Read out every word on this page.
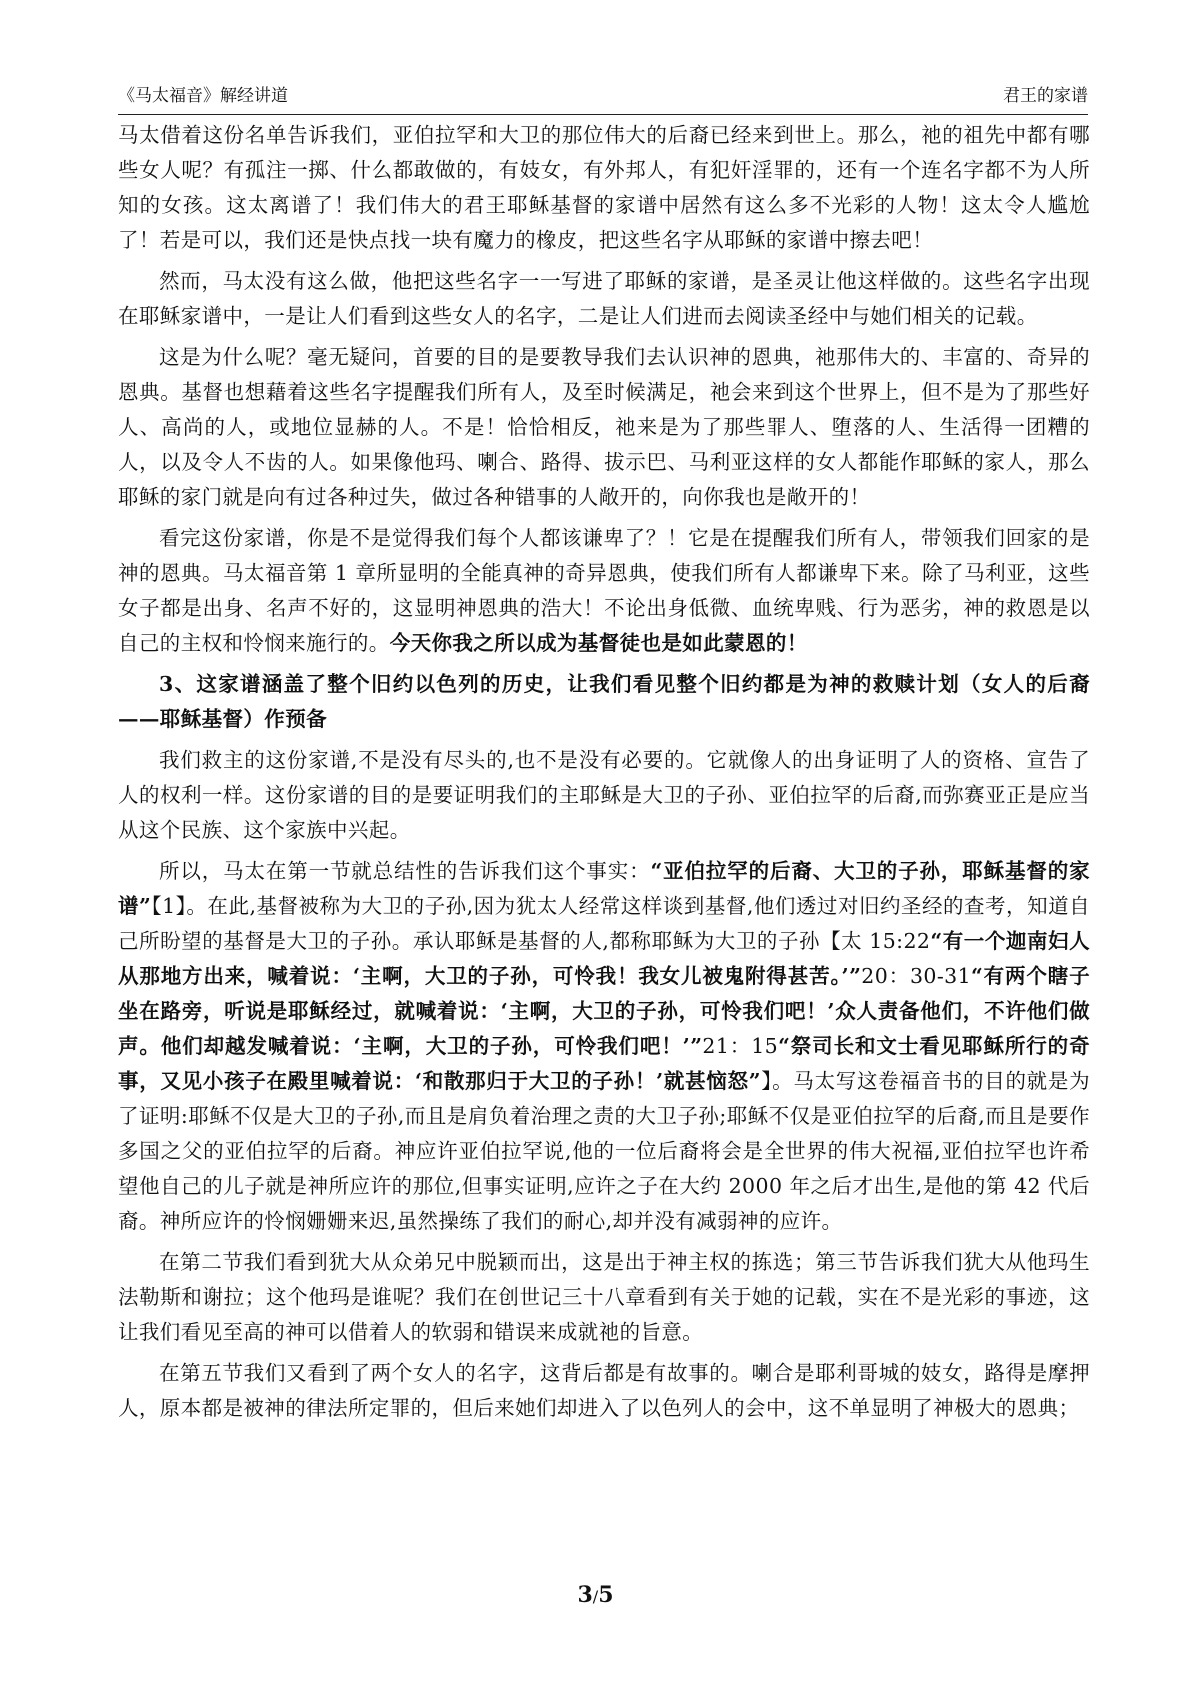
《马太福音》解经讲道	君王的家谱

马太借着这份名单告诉我们，亚伯拉罕和大卫的那位伟大的后裔已经来到世上。那么，祂的祖先中都有哪些女人呢？有孤注一掷、什么都敢做的，有妓女，有外邦人，有犯奸淫罪的，还有一个连名字都不为人所知的女孩。这太离谱了！我们伟大的君王耶稣基督的家谱中居然有这么多不光彩的人物！这太令人尴尬了！若是可以，我们还是快点找一块有魔力的橡皮，把这些名字从耶稣的家谱中擦去吧！

然而，马太没有这么做，他把这些名字一一写进了耶稣的家谱，是圣灵让他这样做的。这些名字出现在耶稣家谱中，一是让人们看到这些女人的名字，二是让人们进而去阅读圣经中与她们相关的记载。

这是为什么呢？毫无疑问，首要的目的是要教导我们去认识神的恩典，祂那伟大的、丰富的、奇异的恩典。基督也想藉着这些名字提醒我们所有人，及至时候满足，祂会来到这个世界上，但不是为了那些好人、高尚的人，或地位显赫的人。不是！恰恰相反，祂来是为了那些罪人、堕落的人、生活得一团糟的人，以及令人不齿的人。如果像他玛、喇合、路得、拔示巴、马利亚这样的女人都能作耶稣的家人，那么耶稣的家门就是向有过各种过失，做过各种错事的人敞开的，向你我也是敞开的！

看完这份家谱，你是不是觉得我们每个人都该谦卑了？！它是在提醒我们所有人，带领我们回家的是神的恩典。马太福音第 1 章所显明的全能真神的奇异恩典，使我们所有人都谦卑下来。除了马利亚，这些女子都是出身、名声不好的，这显明神恩典的浩大！不论出身低微、血统卑贱、行为恶劣，神的救恩是以自己的主权和怜悯来施行的。今天你我之所以成为基督徒也是如此蒙恩的！

3、这家谱涵盖了整个旧约以色列的历史，让我们看见整个旧约都是为神的救赎计划（女人的后裔——耶稣基督）作预备

我们救主的这份家谱,不是没有尽头的,也不是没有必要的。它就像人的出身证明了人的资格、宣告了人的权利一样。这份家谱的目的是要证明我们的主耶稣是大卫的子孙、亚伯拉罕的后裔,而弥赛亚正是应当从这个民族、这个家族中兴起。

所以，马太在第一节就总结性的告诉我们这个事实：“亚伯拉罕的后裔、大卫的子孙，耶稣基督的家谱”【1】。在此,基督被称为大卫的子孙,因为犹太人经常这样谈到基督,他们透过对旧约圣经的查考，知道自己所盼望的基督是大卫的子孙。承认耶稣是基督的人,都称耶稣为大卫的子孙【太 15:22“有一个迦南妇人从那地方出来，喊着说：‘主啊，大卫的子孙，可怜我！我女儿被鬼附得甚苦。’”20：30-31“有两个瞎子坐在路旁，听说是耶稣经过，就喊着说：‘主啊，大卫的子孙，可怜我们吧！’众人责备他们，不许他们做声。他们却越发喊着说：‘主啊，大卫的子孙，可怜我们吧！’”21：15“祭司长和文士看见耶稣所行的奇事，又见小孩子在殿里喊着说：‘和散那归于大卫的子孙！’就甚恼怒”】。马太写这卷福音书的目的就是为了证明:耶稣不仅是大卫的子孙,而且是肩负着治理之责的大卫子孙;耶稣不仅是亚伯拉罕的后裔,而且是要作多国之父的亚伯拉罕的后裔。神应许亚伯拉罕说,他的一位后裔将会是全世界的伟大祝福,亚伯拉罕也许希望他自己的儿子就是神所应许的那位,但事实证明,应许之子在大约 2000 年之后才出生,是他的第 42 代后裔。神所应许的怜悯姗姗来迟,虽然操练了我们的耐心,却并没有减弱神的应许。

在第二节我们看到犹大从众弟兄中脱颖而出，这是出于神主权的拣选；第三节告诉我们犹大从他玛生法勒斯和谢拉；这个他玛是谁呢？我们在创世记三十八章看到有关于她的记载，实在不是光彩的事迹，这让我们看见至高的神可以借着人的软弱和错误来成就祂的旨意。

在第五节我们又看到了两个女人的名字，这背后都是有故事的。喇合是耶利哥城的妓女，路得是摩押人，原本都是被神的律法所定罪的，但后来她们却进入了以色列人的会中，这不单显明了神极大的恩典；

3/5
